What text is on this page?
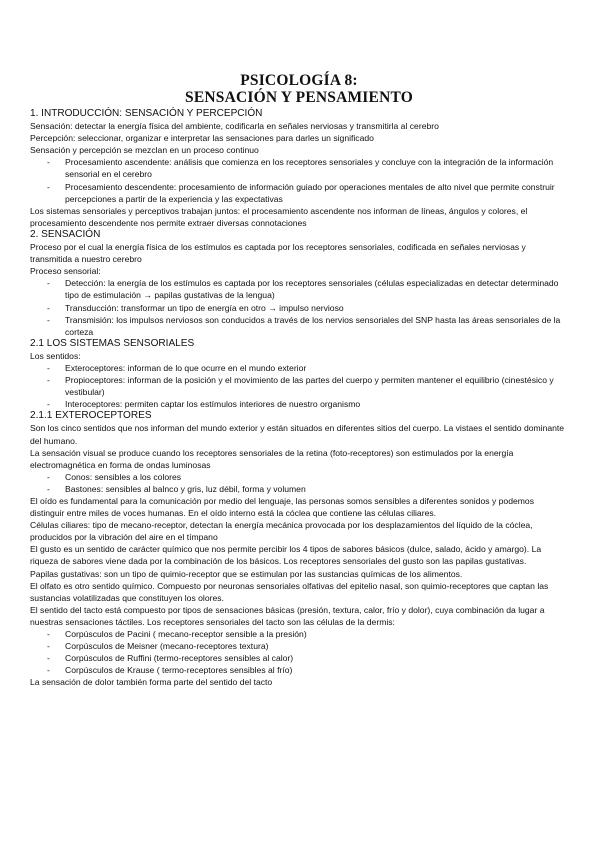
PSICOLOGÍA 8:
SENSACIÓN Y PENSAMIENTO
1. INTRODUCCIÓN: SENSACIÓN Y PERCEPCIÓN

Sensación: detectar la energía física del ambiente, codificarla en señales nerviosas y transmitirla al cerebro

Percepción: seleccionar, organizar e interpretar las sensaciones para darles un significado

Sensación y percepción se mezclan en un proceso continuo

- Procesamiento ascendente: análisis que comienza en los receptores sensoriales y concluye con la integración de la información sensorial en el cerebro
- Procesamiento descendente: procesamiento de información guiado por operaciones mentales de alto nivel que permite construir percepciones a partir de la experiencia y las expectativas

Los sistemas sensoriales y perceptivos trabajan juntos: el procesamiento ascendente nos informan de líneas, ángulos y colores, el procesamiento descendente nos permite extraer diversas connotaciones

2. SENSACIÓN

Proceso por el cual la energía física de los estímulos es captada por los receptores sensoriales, codificada en señales nerviosas y transmitida a nuestro cerebro

Proceso sensorial:

- Detección: la energía de los estímulos es captada por los receptores sensoriales (células especializadas en detectar determinado tipo de estimulación → papilas gustativas de la lengua)
- Transducción: transformar un tipo de energía en otro → impulso nervioso
- Transmisión: los impulsos nerviosos son conducidos a través de los nervios sensoriales del SNP hasta las áreas sensoriales de la corteza
2.1 LOS SISTEMAS SENSORIALES

Los sentidos:

- Exteroceptores: informan de lo que ocurre en el mundo exterior
- Propioceptores: informan de la posición y el movimiento de las partes del cuerpo y permiten mantener el equilibrio (cinestésico y vestibular)
- Interoceptores: permiten captar los estímulos interiores de nuestro organismo
2.1.1 EXTEROCEPTORES

Son los cinco sentidos que nos informan del mundo exterior y están situados en diferentes sitios del cuerpo. La vistaes el sentido dominante del humano.

La sensación visual se produce cuando los receptores sensoriales de la retina (foto-receptores) son estimulados por la energía electromagnética en forma de ondas luminosas

- Conos: sensibles a los colores
- Bastones: sensibles al balnco y gris, luz débil, forma y volumen

El oído es fundamental para la comunicación por medio del lenguaje, las personas somos sensibles a diferentes sonidos y podemos distinguir entre miles de voces humanas. En el oído interno está la cóclea que contiene las células ciliares.

Células ciliares: tipo de mecano-receptor, detectan la energía mecánica provocada por los desplazamientos del líquido de la cóclea, producidos por la vibración del aire en el tímpano

El gusto es un sentido de carácter químico que nos permite percibir los 4 tipos de sabores básicos (dulce, salado, ácido y amargo). La riqueza de sabores viene dada por la combinación de los básicos. Los receptores sensoriales del gusto son las papilas gustativas.

Papilas gustativas: son un tipo de quimio-receptor que se estimulan por las sustancias químicas de los alimentos.

El olfato es otro sentido químico. Compuesto por neuronas sensoriales olfativas del epitelio nasal, son quimio-receptores que captan las sustancias volatilizadas que constituyen los olores.

El sentido del tacto está compuesto por tipos de sensaciones básicas (presión, textura, calor, frío y dolor), cuya combinación da lugar a nuestras sensaciones táctiles. Los receptores sensoriales del tacto son las células de la dermis:

- Corpúsculos de Pacini ( mecano-receptor sensible a la presión)
- Corpúsculos de Meisner (mecano-receptores textura)
- Corpúsculos de Ruffini (termo-receptores sensibles al calor)
- Corpúsculos de Krause ( termo-receptores sensibles al frío)

La sensación de dolor también forma parte del sentido del tacto
